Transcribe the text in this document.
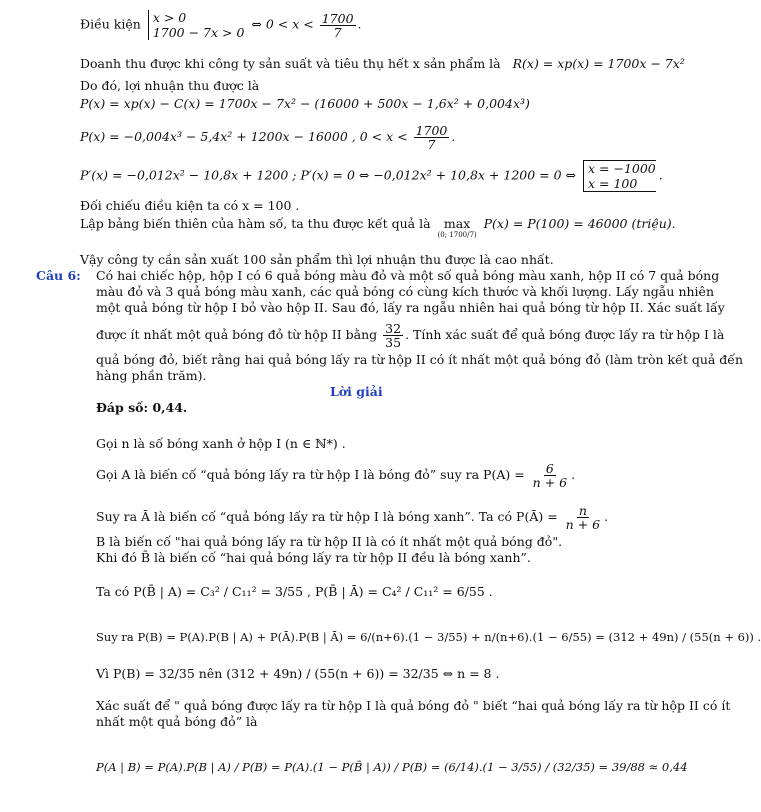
Điều kiện x > 0
1700 − 7x > 0
⇔ $0 < x < \frac{1700}{7}$ .
Doanh thu được khi công ty sản suất và tiêu thụ hết x sản phẩm là R(x) = xp(x) = 1700x − 7x²
Do đó, lợi nhuận thu được là
P(x) = xp(x) − C(x) = 1700x − 7x² − (16000 + 500x − 1,6x² + 0,004x³)
P(x) = −0,004x³ − 5,4x² + 1200x − 16000 , $0 < x < \frac{1700}{7}$ .
P′(x) = −0,012x² − 10,8x + 1200 ; P′(x) = 0 ⇔ −0,012x² + 10,8x + 1200 = 0 ⇔ x = −1000
x = 100
.
Đối chiếu điều kiện ta có x = 100 .
Lập bảng biến thiên của hàm số, ta thu được kết quả là max
(0; 1700/7)
P(x) = P(100) = 46000 (triệu).
Vậy công ty cần sản xuất 100 sản phẩm thì lợi nhuận thu được là cao nhất.
Câu 6: Có hai chiếc hộp, hộp I có 6 quả bóng màu đỏ và một số quả bóng màu xanh, hộp II có 7 quả bóng
màu đỏ và 3 quả bóng màu xanh, các quả bóng có cùng kích thước và khối lượng. Lấy ngẫu nhiên
một quả bóng từ hộp I bỏ vào hộp II. Sau đó, lấy ra ngẫu nhiên hai quả bóng từ hộp II. Xác suất lấy
được ít nhất một quả bóng đỏ từ hộp II bằng $\frac{32}{35}$ . Tính xác suất để quả bóng được lấy ra từ hộp I là
quả bóng đỏ, biết rằng hai quả bóng lấy ra từ hộp II có ít nhất một quả bóng đỏ (làm tròn kết quả đến
hàng phần trăm).
Lời giải
Đáp số: 0,44.
Gọi n là số bóng xanh ở hộp I (n ∈ ℕ*) .
Gọi A là biến cố “quả bóng lấy ra từ hộp I là bóng đỏ” suy ra $P(A) = \frac{6}{n + 6}$ .
Suy ra Ā là biến cố “quả bóng lấy ra từ hộp I là bóng xanh”. Ta có P(Ā) = $\frac{n}{n + 6}$ .
B là biến cố "hai quả bóng lấy ra từ hộp II là có ít nhất một quả bóng đỏ".
Khi đó B̄ là biến cố “hai quả bóng lấy ra từ hộp II đều là bóng xanh”.
Ta có P(B̄ | A) = C₃² / C₁₁² = 3/55 , P(B̄ | Ā) = C₄² / C₁₁² = 6/55 .
Suy ra P(B) = P(A).P(B | A) + P(Ā).P(B | Ā) = 6/(n+6).(1 − 3/55) + n/(n+6).(1 − 6/55) = (312 + 49n) / (55(n + 6)) .
Vì P(B) = 32/35 nên (312 + 49n) / (55(n + 6)) = 32/35 ⇔ n = 8 .
Xác suất để " quả bóng được lấy ra từ hộp I là quả bóng đỏ " biết “hai quả bóng lấy ra từ hộp II có ít
nhất một quả bóng đỏ” là
P(A | B) = P(A).P(B | A) / P(B) = P(A).(1 − P(B̄ | A)) / P(B) = (6/14).(1 − 3/55) / (32/35) = 39/88 ≈ 0,44
